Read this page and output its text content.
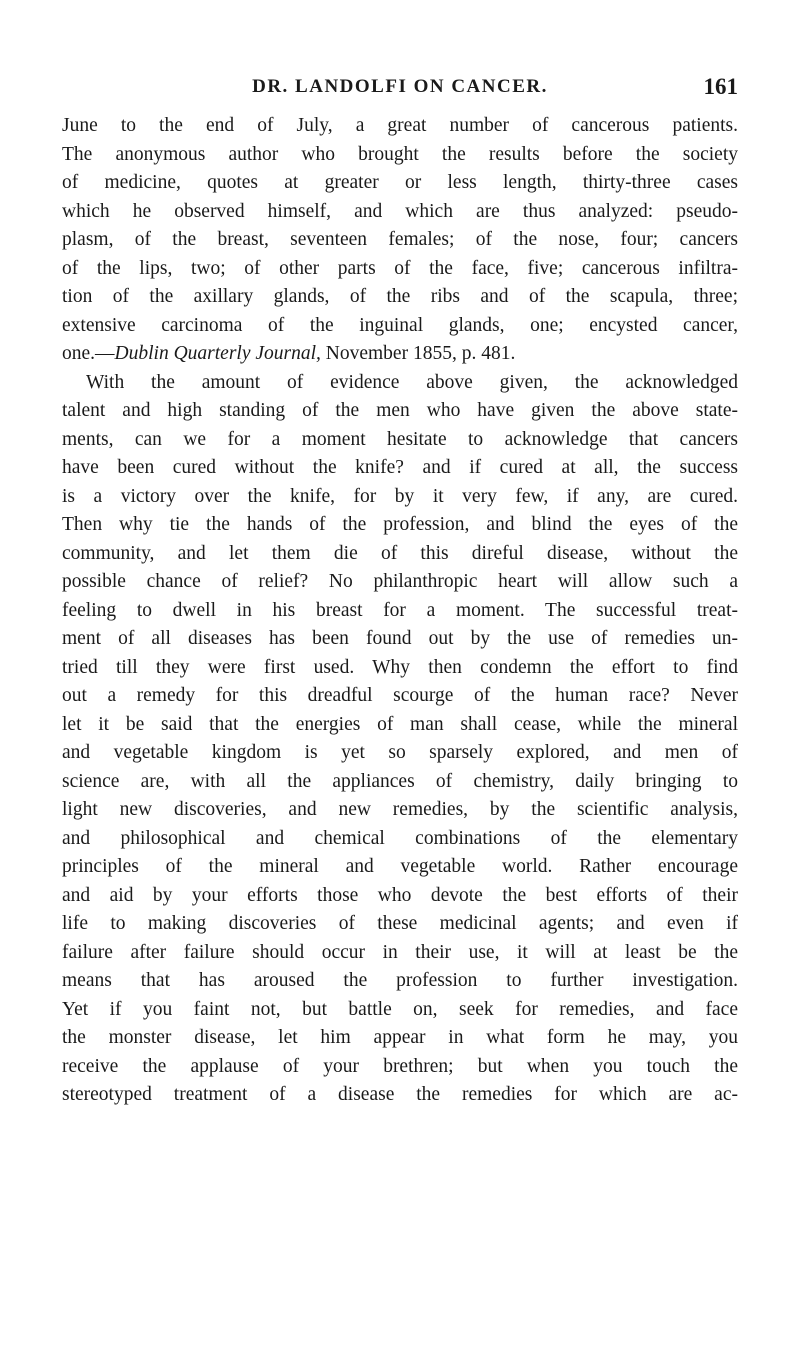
DR. LANDOLFI ON CANCER.	161
June to the end of July, a great number of cancerous patients.
The anonymous author who brought the results before the society
of medicine, quotes at greater or less length, thirty-three cases
which he observed himself, and which are thus analyzed: pseudo-
plasm, of the breast, seventeen females; of the nose, four; cancers
of the lips, two; of other parts of the face, five; cancerous infiltra-
tion of the axillary glands, of the ribs and of the scapula, three;
extensive carcinoma of the inguinal glands, one; encysted cancer,
one.—Dublin Quarterly Journal, November 1855, p. 481.
With the amount of evidence above given, the acknowledged
talent and high standing of the men who have given the above state-
ments, can we for a moment hesitate to acknowledge that cancers
have been cured without the knife? and if cured at all, the success
is a victory over the knife, for by it very few, if any, are cured.
Then why tie the hands of the profession, and blind the eyes of the
community, and let them die of this direful disease, without the
possible chance of relief? No philanthropic heart will allow such a
feeling to dwell in his breast for a moment. The successful treat-
ment of all diseases has been found out by the use of remedies un-
tried till they were first used. Why then condemn the effort to find
out a remedy for this dreadful scourge of the human race? Never
let it be said that the energies of man shall cease, while the mineral
and vegetable kingdom is yet so sparsely explored, and men of
science are, with all the appliances of chemistry, daily bringing to
light new discoveries, and new remedies, by the scientific analysis,
and philosophical and chemical combinations of the elementary
principles of the mineral and vegetable world. Rather encourage
and aid by your efforts those who devote the best efforts of their
life to making discoveries of these medicinal agents; and even if
failure after failure should occur in their use, it will at least be the
means that has aroused the profession to further investigation.
Yet if you faint not, but battle on, seek for remedies, and face
the monster disease, let him appear in what form he may, you
receive the applause of your brethren; but when you touch the
stereotyped treatment of a disease the remedies for which are ac-
